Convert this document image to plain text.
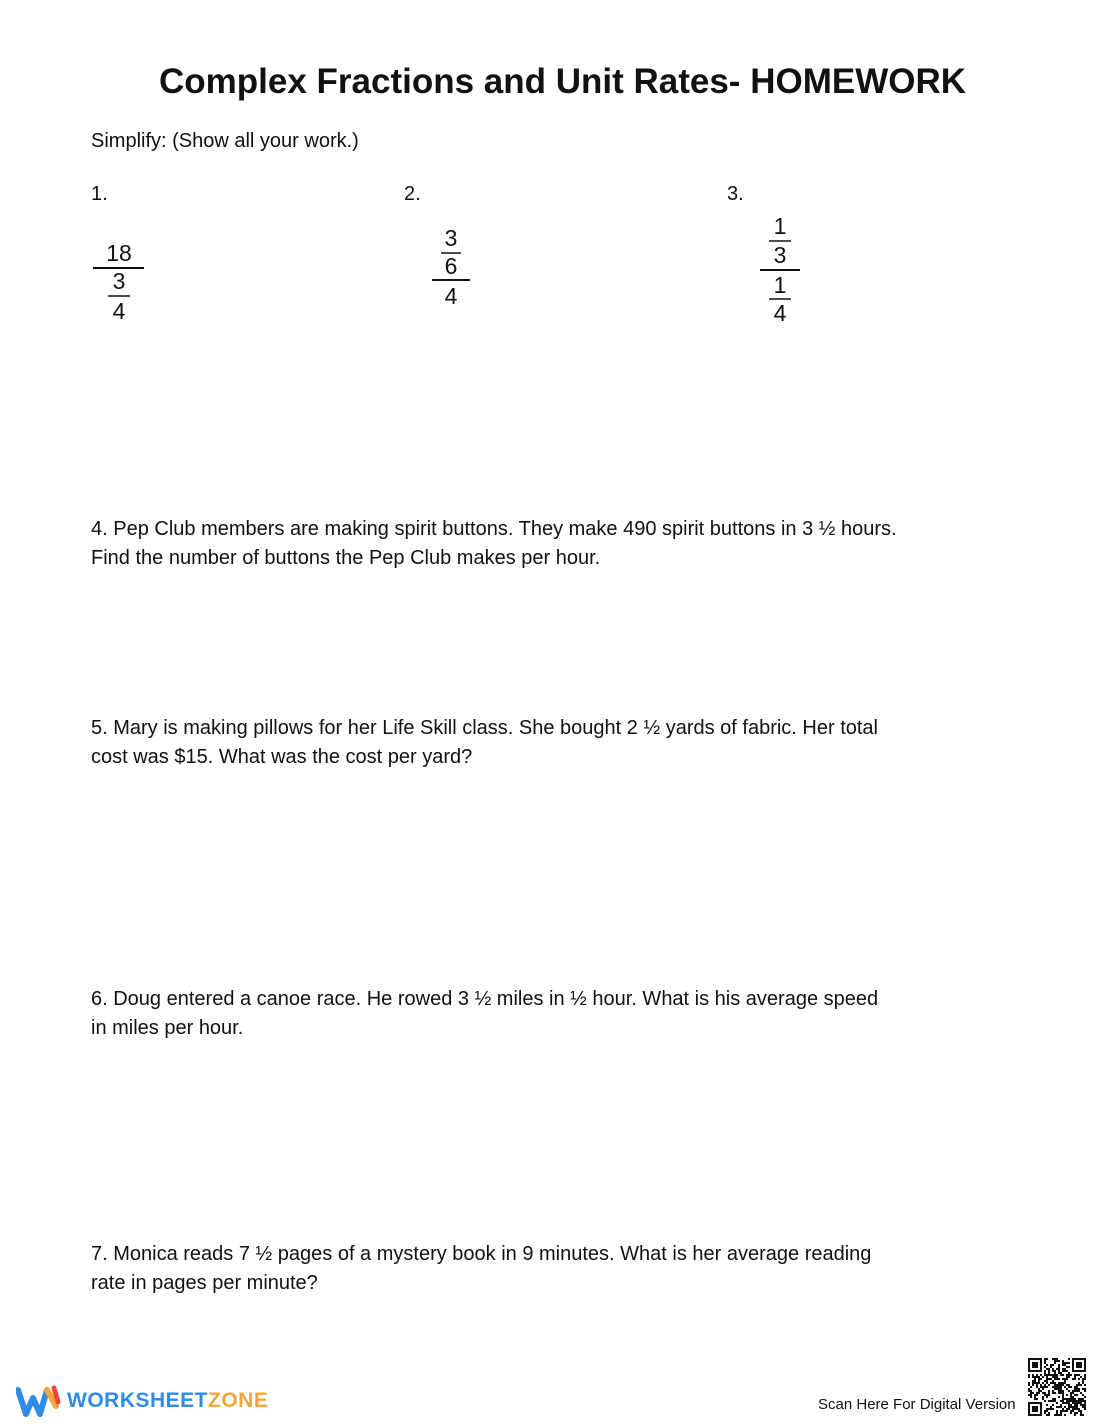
Complex Fractions and Unit Rates- HOMEWORK
Simplify: (Show all your work.)
1.
18
3
4
2.
3
6
4
3.
1
3
1
4
4. Pep Club members are making spirit buttons. They make 490 spirit buttons in 3 ½ hours.
Find the number of buttons the Pep Club makes per hour.
5. Mary is making pillows for her Life Skill class. She bought 2 ½ yards of fabric. Her total
cost was $15. What was the cost per yard?
6. Doug entered a canoe race. He rowed 3 ½ miles in ½ hour. What is his average speed
in miles per hour.
7. Monica reads 7 ½ pages of a mystery book in 9 minutes. What is her average reading
rate in pages per minute?
WORKSHEETZONE	Scan Here For Digital Version
